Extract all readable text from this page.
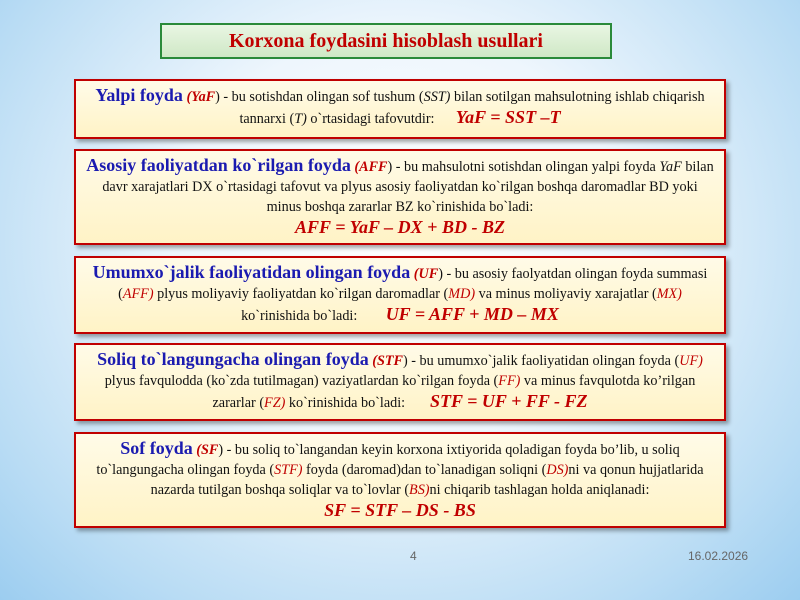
Korxona foydasini hisoblash usullari
Yalpi foyda (YaF) - bu sotishdan olingan sof tushum (SST) bilan sotilgan mahsulotning ishlab chiqarish tannarxi (T) o`rtasidagi tafovutdir: YaF = SST –T
Asosiy faoliyatdan ko`rilgan foyda (AFF) - bu mahsulotni sotishdan olingan yalpi foyda YaF bilan davr xarajatlari DX o`rtasidagi tafovut va plyus asosiy faoliyatdan ko`rilgan boshqa daromadlar BD yoki minus boshqa zararlar BZ ko`rinishida bo`ladi:
AFF = YaF – DX + BD - BZ
Umumxo`jalik faoliyatidan olingan foyda (UF) - bu asosiy faolyatdan olingan foyda summasi (AFF) plyus moliyaviy faoliyatdan ko`rilgan daromadlar (MD) va minus moliyaviy xarajatlar (MX) ko`rinishida bo`ladi: UF = AFF + MD – MX
Soliq to`langungacha olingan foyda (STF) - bu umumxo`jalik faoliyatidan olingan foyda (UF) plyus favqulodda (ko`zda tutilmagan) vaziyatlardan ko`rilgan foyda (FF) va minus favqulotda ko’rilgan zararlar (FZ) ko`rinishida bo`ladi: STF = UF + FF - FZ
Sof foyda (SF) - bu soliq to`langandan keyin korxona ixtiyorida qoladigan foyda bo’lib, u soliq to`langungacha olingan foyda (STF) foyda (daromad)dan to`lanadigan soliqni (DS)ni va qonun hujjatlarida nazarda tutilgan boshqa soliqlar va to`lovlar (BS)ni chiqarib tashlagan holda aniqlanadi:
SF = STF – DS - BS
4	16.02.2026
